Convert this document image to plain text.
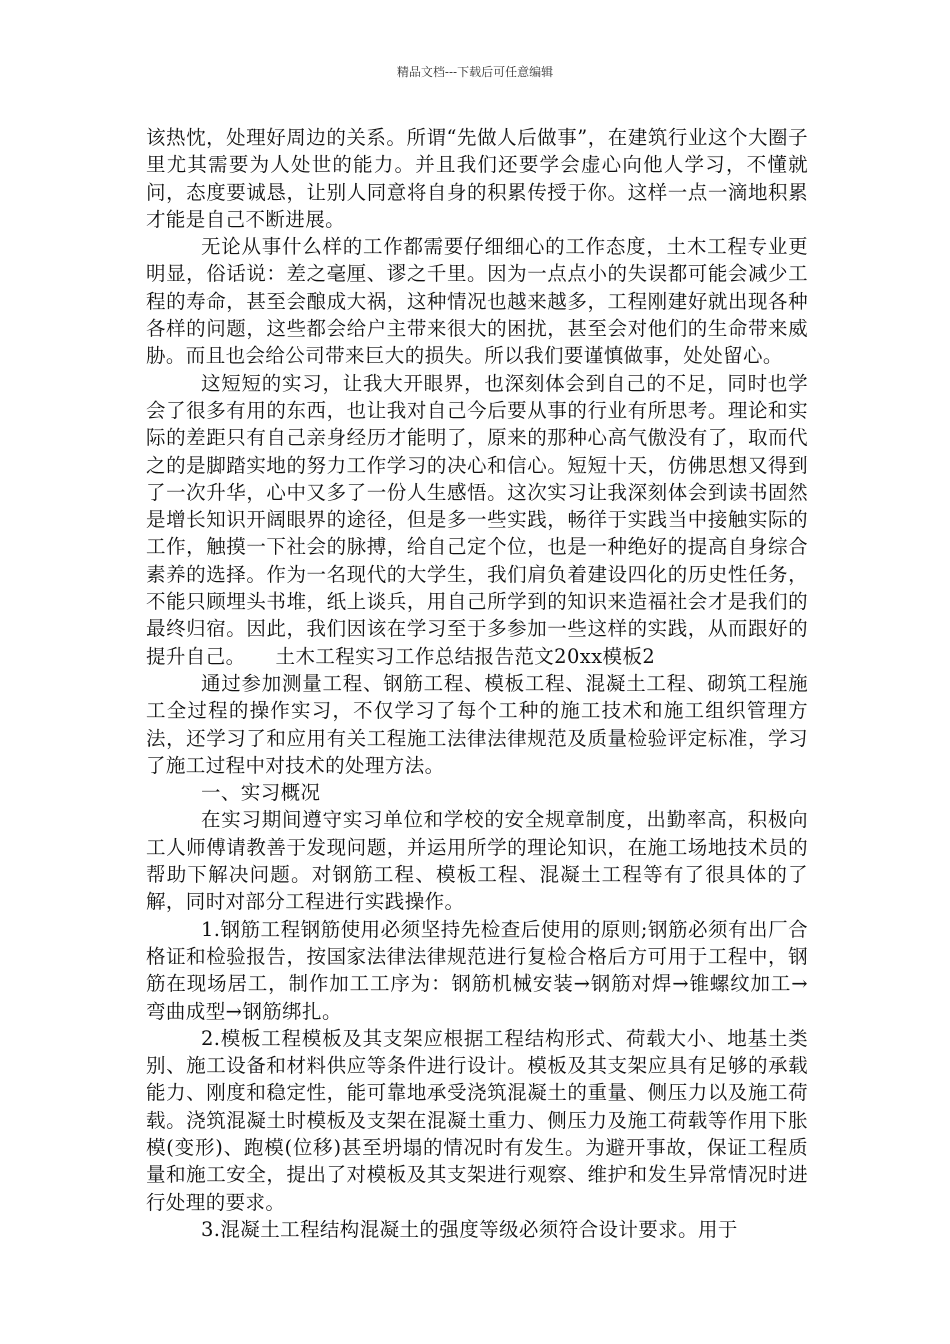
精品文档---下载后可任意编辑

该热忱，处理好周边的关系。所谓“先做人后做事”，在建筑行业这个大圈子里尤其需要为人处世的能力。并且我们还要学会虚心向他人学习，不懂就问，态度要诚恳，让别人同意将自身的积累传授于你。这样一点一滴地积累才能是自己不断进展。

无论从事什么样的工作都需要仔细细心的工作态度，土木工程专业更明显，俗话说：差之毫厘、谬之千里。因为一点点小的失误都可能会减少工程的寿命，甚至会酿成大祸，这种情况也越来越多，工程刚建好就出现各种各样的问题，这些都会给户主带来很大的困扰，甚至会对他们的生命带来威胁。而且也会给公司带来巨大的损失。所以我们要谨慎做事，处处留心。

这短短的实习，让我大开眼界，也深刻体会到自己的不足，同时也学会了很多有用的东西，也让我对自己今后要从事的行业有所思考。理论和实际的差距只有自己亲身经历才能明了，原来的那种心高气傲没有了，取而代之的是脚踏实地的努力工作学习的决心和信心。短短十天，仿佛思想又得到了一次升华，心中又多了一份人生感悟。这次实习让我深刻体会到读书固然是增长知识开阔眼界的途径，但是多一些实践，畅徉于实践当中接触实际的工作，触摸一下社会的脉搏，给自己定个位，也是一种绝好的提高自身综合素养的选择。作为一名现代的大学生，我们肩负着建设四化的历史性任务，不能只顾埋头书堆，纸上谈兵，用自己所学到的知识来造福社会才是我们的最终归宿。因此，我们因该在学习至于多参加一些这样的实践，从而跟好的提升自己。　　土木工程实习工作总结报告范文20xx模板2

通过参加测量工程、钢筋工程、模板工程、混凝土工程、砌筑工程施工全过程的操作实习，不仅学习了每个工种的施工技术和施工组织管理方法，还学习了和应用有关工程施工法律法律规范及质量检验评定标准，学习了施工过程中对技术的处理方法。

一、实习概况

在实习期间遵守实习单位和学校的安全规章制度，出勤率高，积极向工人师傅请教善于发现问题，并运用所学的理论知识，在施工场地技术员的帮助下解决问题。对钢筋工程、模板工程、混凝土工程等有了很具体的了解，同时对部分工程进行实践操作。

1.钢筋工程钢筋使用必须坚持先检查后使用的原则;钢筋必须有出厂合格证和检验报告，按国家法律法律规范进行复检合格后方可用于工程中，钢筋在现场居工，制作加工工序为：钢筋机械安装→钢筋对焊→锥螺纹加工→弯曲成型→钢筋绑扎。

2.模板工程模板及其支架应根据工程结构形式、荷载大小、地基土类别、施工设备和材料供应等条件进行设计。模板及其支架应具有足够的承载能力、刚度和稳定性，能可靠地承受浇筑混凝土的重量、侧压力以及施工荷载。浇筑混凝土时模板及支架在混凝土重力、侧压力及施工荷载等作用下胀模(变形)、跑模(位移)甚至坍塌的情况时有发生。为避开事故，保证工程质量和施工安全，提出了对模板及其支架进行观察、维护和发生异常情况时进行处理的要求。

3.混凝土工程结构混凝土的强度等级必须符合设计要求。用于
